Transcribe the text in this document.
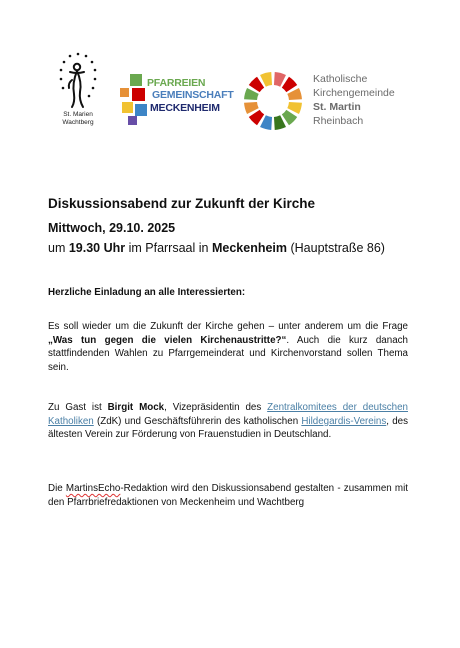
St. Marien
Wachtberg
PFARREIEN
GEMEINSCHAFT
MECKENHEIM
Katholische
Kirchengemeinde
St. Martin
Rheinbach
Diskussionsabend zur Zukunft der Kirche
Mittwoch, 29.10. 2025
um 19.30 Uhr im Pfarrsaal in Meckenheim (Hauptstraße 86)
Herzliche Einladung an alle Interessierten:
Es soll wieder um die Zukunft der Kirche gehen – unter anderem um die Frage „Was tun gegen die vielen Kirchenaustritte?“. Auch die kurz danach stattfindenden Wahlen zu Pfarrgemeinderat und Kirchenvorstand sollen Thema sein.
Zu Gast ist Birgit Mock, Vizepräsidentin des Zentralkomitees der deutschen Katholiken (ZdK) und Geschäftsführerin des katholischen Hildegardis-Vereins, des ältesten Verein zur Förderung von Frauenstudien in Deutschland.
Die MartinsEcho-Redaktion wird den Diskussionsabend gestalten - zusammen mit den Pfarrbriefredaktionen von Meckenheim und Wachtberg
